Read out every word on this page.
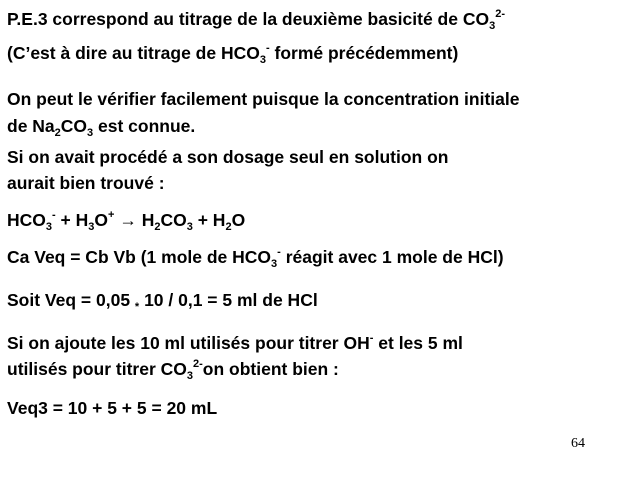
P.E.3 correspond au titrage de la deuxième basicité de $CO_3^{2-}$
(C’est à dire au titrage de $HCO_3^-$ formé précédemment)
On peut le vérifier facilement puisque la concentration initiale
de $Na_2CO_3$ est connue.
Si on avait procédé a son dosage seul en solution on
aurait bien trouvé :
$HCO_3^- + H_3O^+ \to H_2CO_3 + H_2O$
Ca Veq = Cb Vb (1 mole de $HCO_3^-$ réagit avec 1 mole de HCl)
Soit Veq = 0,05 $_*$ 10 / 0,1 = 5 ml de HCl
Si on ajoute les 10 ml utilisés pour titrer OH- et les 5 ml
utilisés pour titrer $CO_3^{2-}on$ obtient bien :
Veq3 = 10 + 5 + 5 = 20 mL
64
